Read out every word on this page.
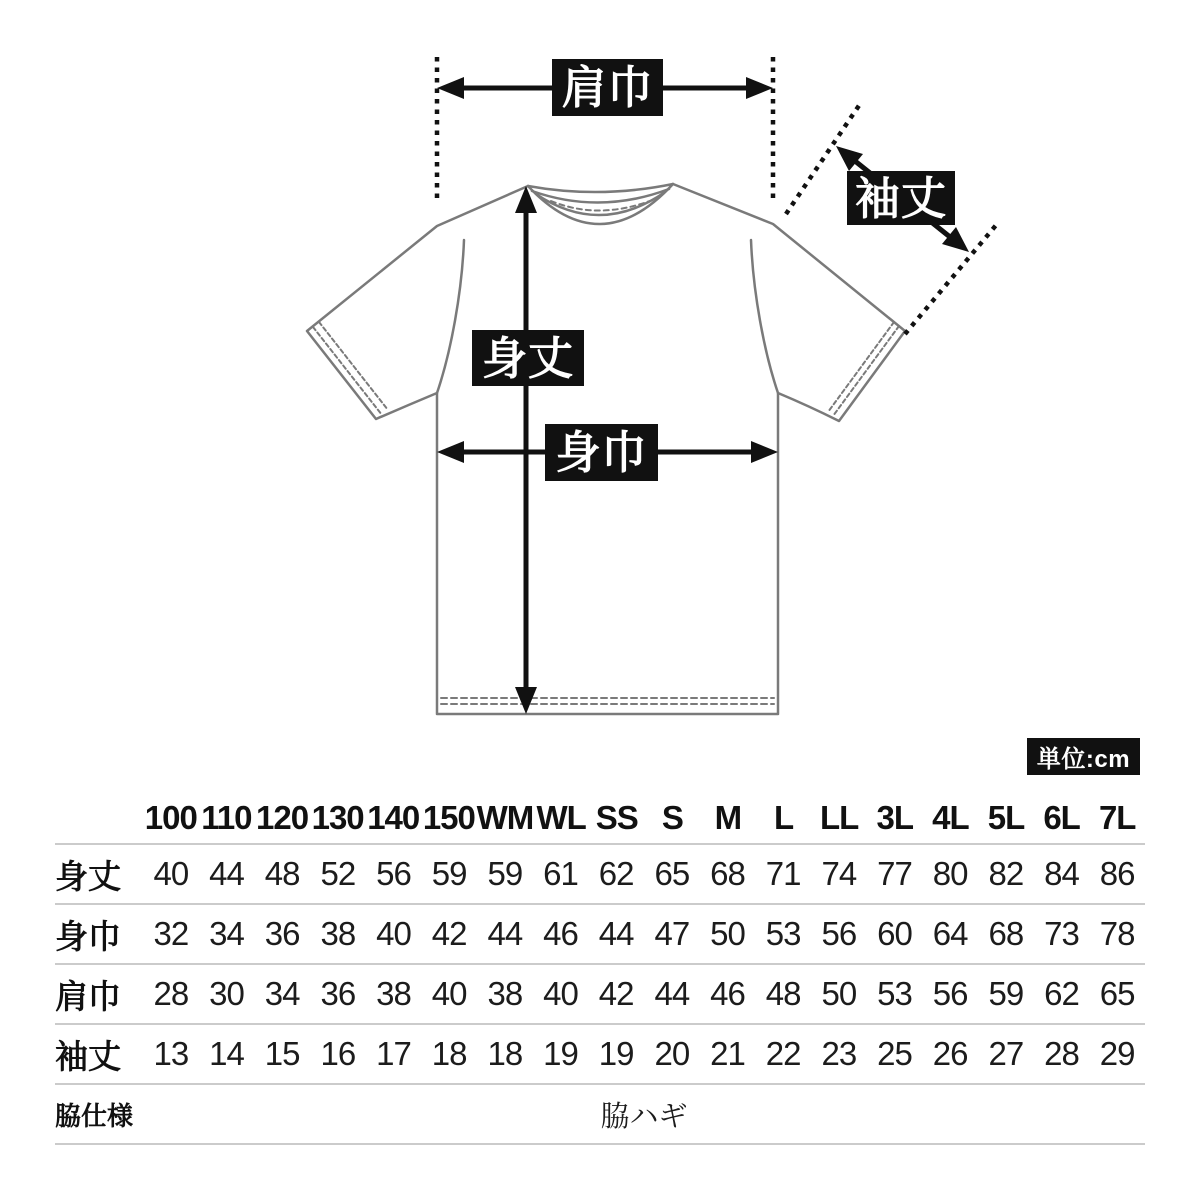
肩巾
袖丈
身丈
身巾
単位:cm
100 110 120 130 140 150 WM WL SS S M L LL 3L 4L 5L 6L 7L
身丈 40 44 48 52 56 59 59 61 62 65 68 71 74 77 80 82 84 86
身巾 32 34 36 38 40 42 44 46 44 47 50 53 56 60 64 68 73 78
肩巾 28 30 34 36 38 40 38 40 42 44 46 48 50 53 56 59 62 65
袖丈 13 14 15 16 17 18 18 19 19 20 21 22 23 25 26 27 28 29
脇仕様	脇ハギ
